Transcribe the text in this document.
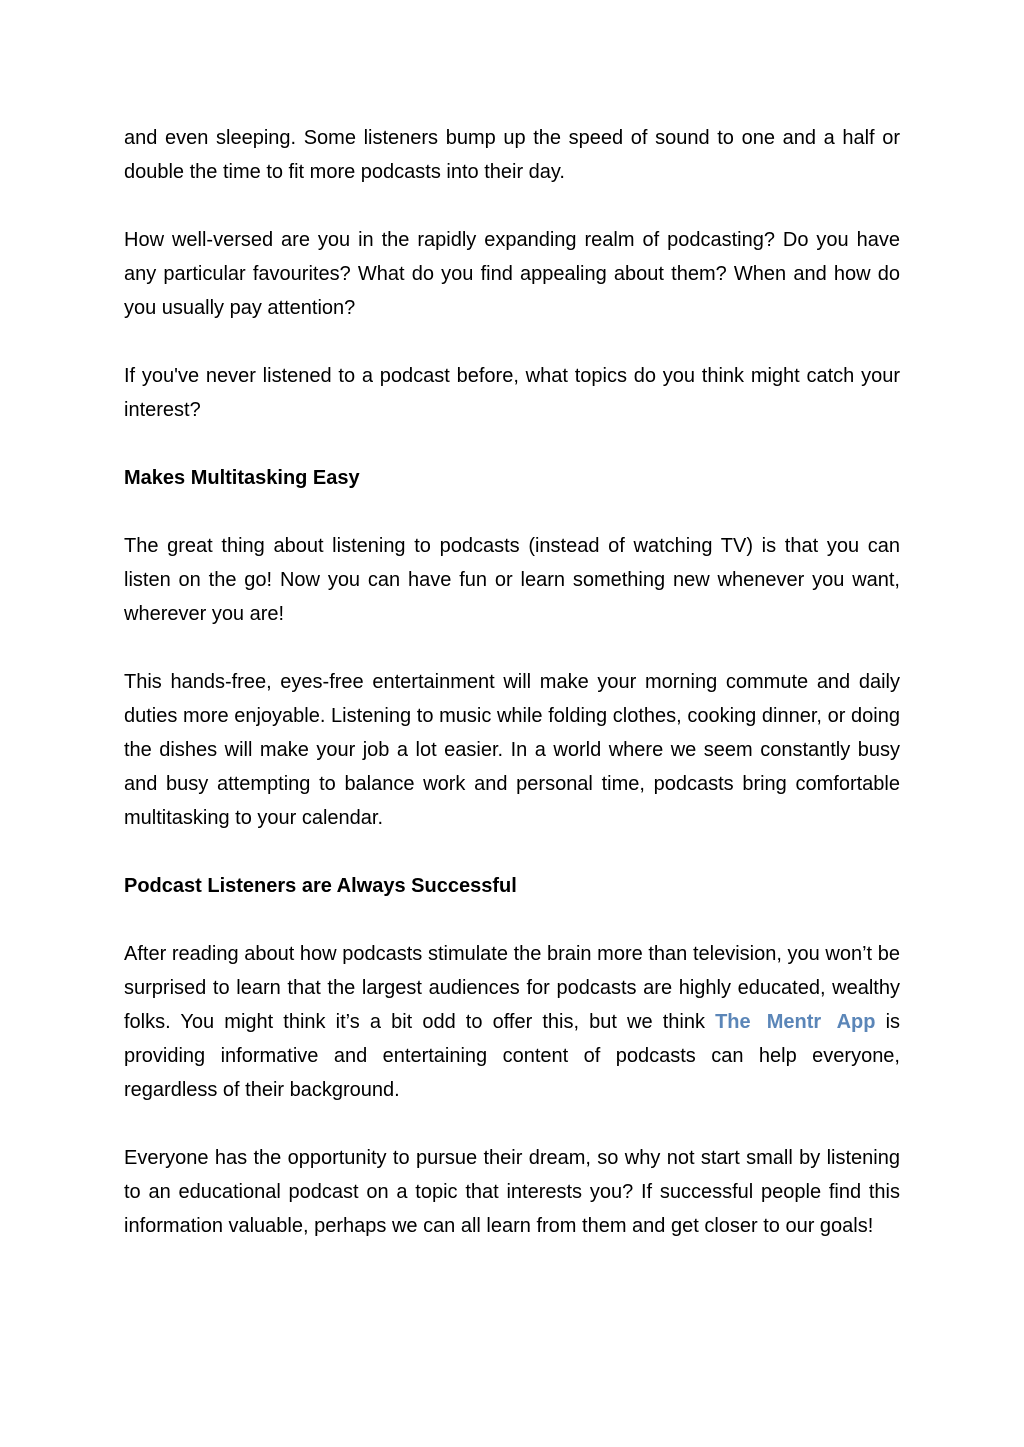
and even sleeping. Some listeners bump up the speed of sound to one and a half or double the time to fit more podcasts into their day.

How well-versed are you in the rapidly expanding realm of podcasting? Do you have any particular favourites? What do you find appealing about them? When and how do you usually pay attention?

If you've never listened to a podcast before, what topics do you think might catch your interest?

Makes Multitasking Easy

The great thing about listening to podcasts (instead of watching TV) is that you can listen on the go! Now you can have fun or learn something new whenever you want, wherever you are!

This hands-free, eyes-free entertainment will make your morning commute and daily duties more enjoyable. Listening to music while folding clothes, cooking dinner, or doing the dishes will make your job a lot easier. In a world where we seem constantly busy and busy attempting to balance work and personal time, podcasts bring comfortable multitasking to your calendar.

Podcast Listeners are Always Successful

After reading about how podcasts stimulate the brain more than television, you won’t be surprised to learn that the largest audiences for podcasts are highly educated, wealthy folks. You might think it’s a bit odd to offer this, but we think The Mentr App is providing informative and entertaining content of podcasts can help everyone, regardless of their background.

Everyone has the opportunity to pursue their dream, so why not start small by listening to an educational podcast on a topic that interests you? If successful people find this information valuable, perhaps we can all learn from them and get closer to our goals!
